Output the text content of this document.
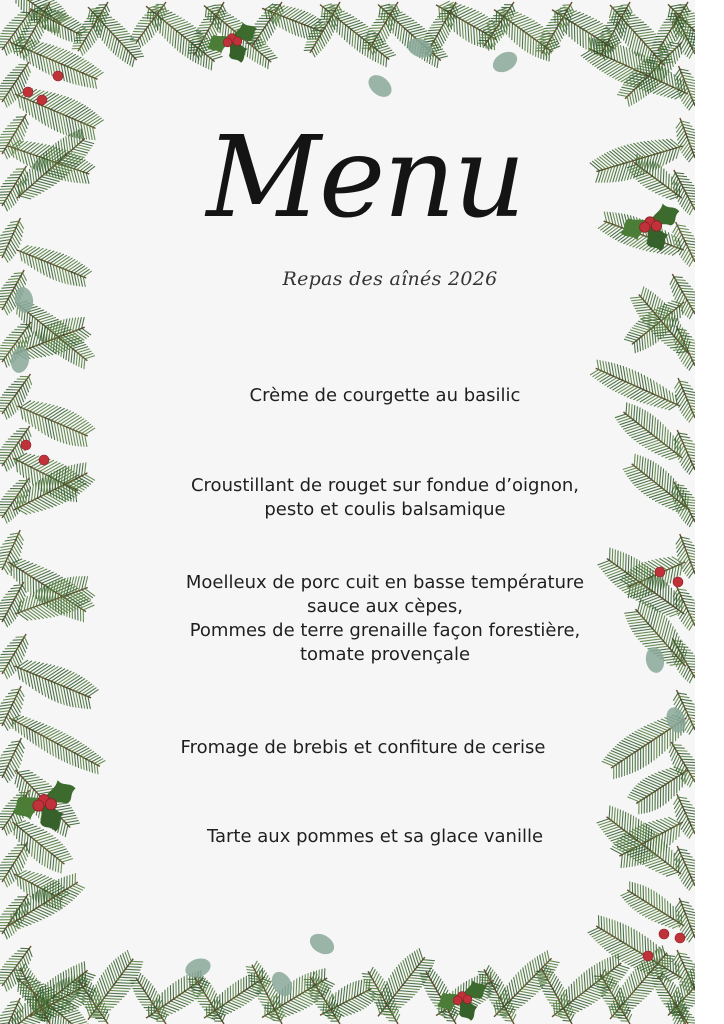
Menu
Repas des aînés 2026
Crème de courgette au basilic
Croustillant de rouget sur fondue d’oignon,
pesto et coulis balsamique
Moelleux de porc cuit en basse température
sauce aux cèpes,
Pommes de terre grenaille façon forestière,
tomate provençale
Fromage de brebis et confiture de cerise
Tarte aux pommes et sa glace vanille
